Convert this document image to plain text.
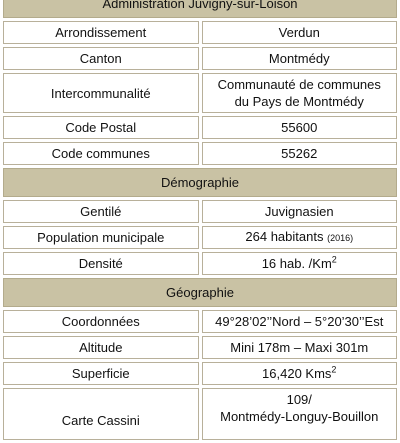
Administration Juvigny-sur-Loison	
Arrondissement	Verdun
Canton	Montmédy
Intercommunalité	Communauté de communes
du Pays de Montmédy

Code Postal	55600
Code communes	55262
Démographie	
Gentilé	Juvignasien
Population municipale	264 habitants (2016)
Densité	16 hab. /Km$^2$
Géographie	
Coordonnées	49°28’02’’Nord – 5°20’30’’Est
Altitude	Mini 178m – Maxi 301m
Superficie	16,420 Kms$^2$
Carte Cassini	109/
Montmédy-Longuy-Bouillon
